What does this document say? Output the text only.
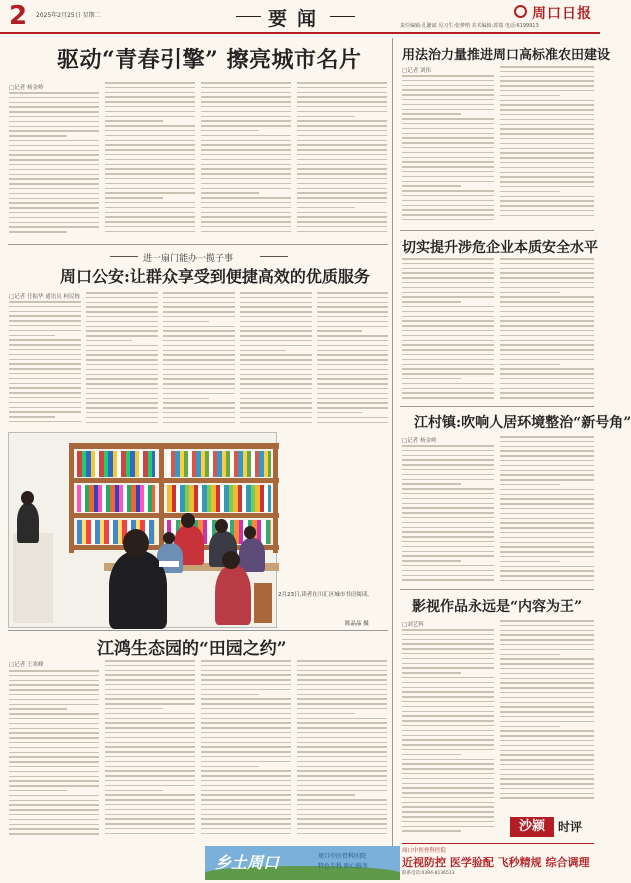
2 2025年2月25日 星期二	要闻	周口日报
责任编辑:孔繁斌 见习生:张梦晴 美术编辑:郭瑞 电话:6199913
驱动“青春引擎” 擦亮城市名片
□记者 杨金岭
进一扇门能办一揽子事
周口公安:让群众享受到便捷高效的优质服务
□记者 任振华 通讯员 柯民栋
2月23日,读者在川汇区城市书房阅读。
陈晶晶 摄
江鸿生态园的“田园之约”
□记者 王寒峰
乡土周口	周口中医骨科医院
特色专科 贴心服务
用法治力量推进周口高标准农田建设
□记者 刘伟
切实提升涉危企业本质安全水平
江村镇:吹响人居环境整治“新号角”
□记者 杨金岭
影视作品永远是“内容为王”
□刘艺辉
沙颍	时评
周口中医骨科医院
近视防控 医学验配 飞秒精规 综合调理
联系电话:0394-8136513
